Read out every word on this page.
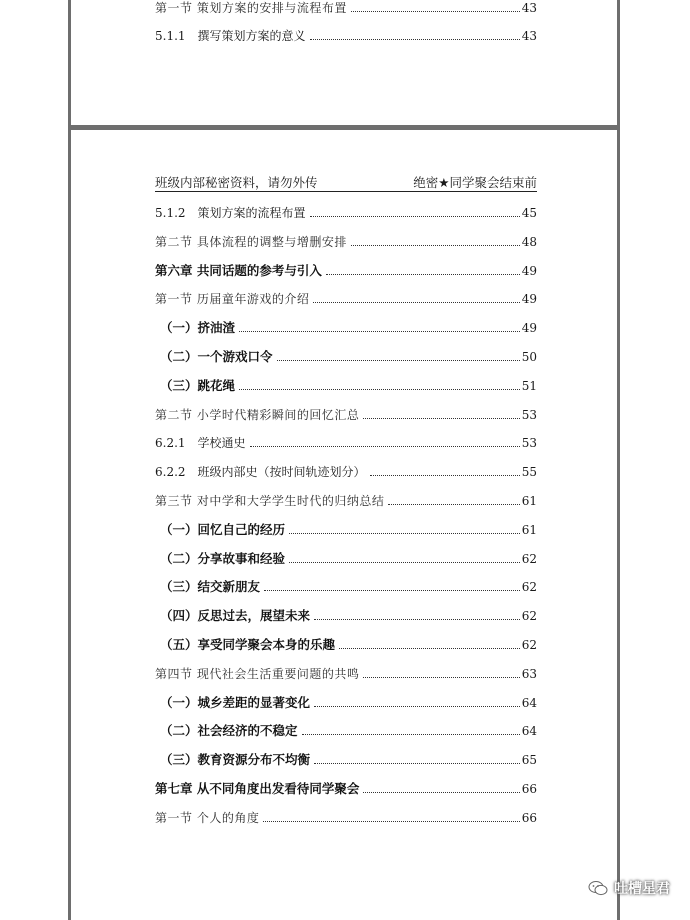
第一节 策划方案的安排与流程布置	43
5.1.1 撰写策划方案的意义	43
班级内部秘密资料，请勿外传	绝密★同学聚会结束前
5.1.2 策划方案的流程布置	45
第二节 具体流程的调整与增删安排	48
第六章 共同话题的参考与引入	49
第一节 历届童年游戏的介绍	49
（一）挤油渣	49
（二）一个游戏口令	50
（三）跳花绳	51
第二节 小学时代精彩瞬间的回忆汇总	53
6.2.1 学校通史	53
6.2.2 班级内部史（按时间轨迹划分）	55
第三节 对中学和大学学生时代的归纳总结	61
（一）回忆自己的经历	61
（二）分享故事和经验	62
（三）结交新朋友	62
（四）反思过去，展望未来	62
（五）享受同学聚会本身的乐趣	62
第四节 现代社会生活重要问题的共鸣	63
（一）城乡差距的显著变化	64
（二）社会经济的不稳定	64
（三）教育资源分布不均衡	65
第七章 从不同角度出发看待同学聚会	66
第一节 个人的角度	66
吐槽星君
